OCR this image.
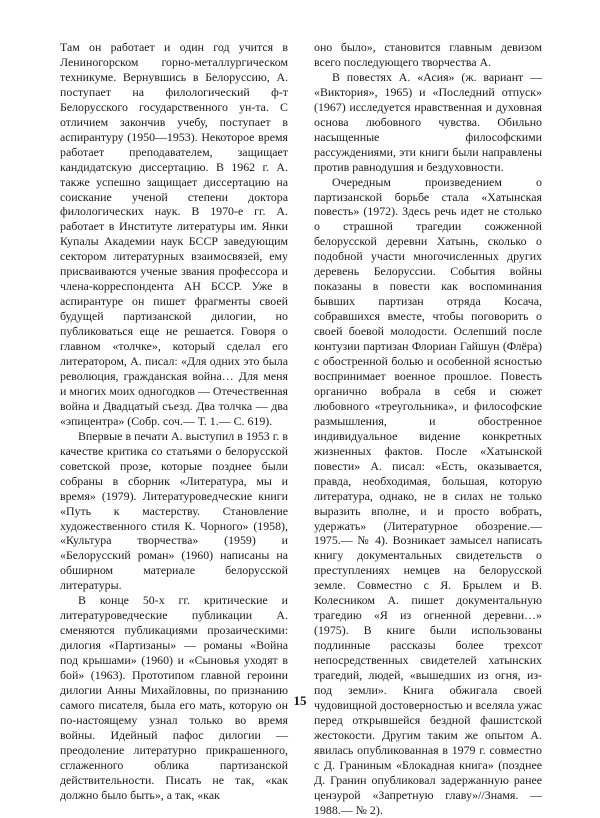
Там он работает и один год учится в Лениногорском горно-металлургическом техникуме. Вернувшись в Белоруссию, А. поступает на филологический ф-т Белорусского государственного ун-та. С отличием закончив учебу, поступает в аспирантуру (1950—1953). Некоторое время работает преподавателем, защищает кандидатскую диссертацию. В 1962 г. А. также успешно защищает диссертацию на соискание ученой степени доктора филологических наук. В 1970-е гг. А. работает в Институте литературы им. Янки Купалы Академии наук БССР заведующим сектором литературных взаимосвязей, ему присваиваются ученые звания профессора и члена-корреспондента АН БССР. Уже в аспирантуре он пишет фрагменты своей будущей партизанской дилогии, но публиковаться еще не решается. Говоря о главном «толчке», который сделал его литератором, А. писал: «Для одних это была революция, гражданская война… Для меня и многих моих одногодков — Отечественная война и Двадцатый съезд. Два толчка — два «эпицентра» (Собр. соч.— Т. 1.— С. 619).

Впервые в печати А. выступил в 1953 г. в качестве критика со статьями о белорусской советской прозе, которые позднее были собраны в сборник «Литература, мы и время» (1979). Литературоведческие книги «Путь к мастерству. Становление художественного стиля К. Чорного» (1958), «Культура творчества» (1959) и «Белорусский роман» (1960) написаны на обширном материале белорусской литературы.

В конце 50-х гг. критические и литературоведческие публикации А. сменяются публикациями прозаическими: дилогия «Партизаны» — романы «Война под крышами» (1960) и «Сыновья уходят в бой» (1963). Прототипом главной героини дилогии Анны Михайловны, по признанию самого писателя, была его мать, которую он по-настоящему узнал только во время войны. Идейный пафос дилогии — преодоление литературно прикрашенного, сглаженного облика партизанской действительности. Писать не так, «как должно было быть», а так, «как

оно было», становится главным девизом всего последующего творчества А.

В повестях А. «Асия» (ж. вариант — «Виктория», 1965) и «Последний отпуск» (1967) исследуется нравственная и духовная основа любовного чувства. Обильно насыщенные философскими рассуждениями, эти книги были направлены против равнодушия и бездуховности.

Очередным произведением о партизанской борьбе стала «Хатынская повесть» (1972). Здесь речь идет не столько о страшной трагедии сожженной белорусской деревни Хатынь, сколько о подобной участи многочисленных других деревень Белоруссии. События войны показаны в повести как воспоминания бывших партизан отряда Косача, собравшихся вместе, чтобы поговорить о своей боевой молодости. Ослепший после контузии партизан Флориан Гайшун (Флёра) с обостренной болью и особенной ясностью воспринимает военное прошлое. Повесть органично вобрала в себя и сюжет любовного «треугольника», и философские размышления, и обостренное индивидуальное видение конкретных жизненных фактов. После «Хатынской повести» А. писал: «Есть, оказывается, правда, необходимая, большая, которую литература, однако, не в силах не только выразить вполне, и и просто вобрать, удержать» (Литературное обозрение.— 1975.— № 4). Возникает замысел написать книгу документальных свидетельств о преступлениях немцев на белорусской земле. Совместно с Я. Брылем и В. Колесником А. пишет документальную трагедию «Я из огненной деревни…» (1975). В книге были использованы подлинные рассказы более трехсот непосредственных свидетелей хатынских трагедий, людей, «вышедших из огня, из-под земли». Книга обжигала своей чудовищной достоверностью и вселяла ужас перед открывшейся бездной фашистской жестокости. Другим таким же опытом А. явилась опубликованная в 1979 г. совместно с Д. Граниным «Блокадная книга» (позднее Д. Гранин опубликовал задержанную ранее цензурой «Запретную главу»//Знамя. — 1988.— № 2).

15
